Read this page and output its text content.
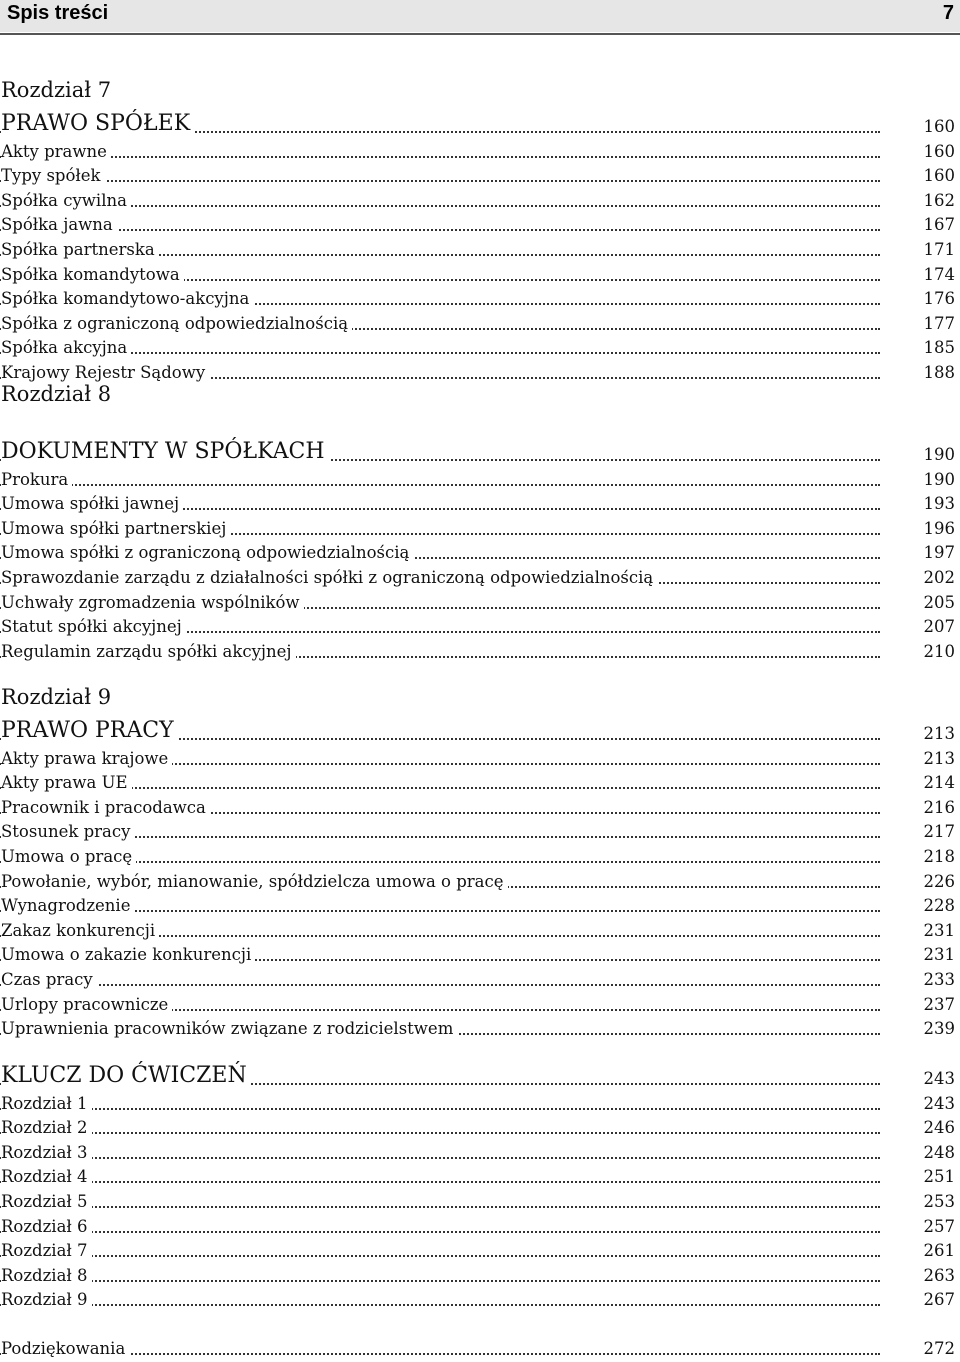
Spis treści	7
Rozdział 7
PRAWO SPÓŁEK	160
Akty prawne	160
Typy spółek	160
Spółka cywilna	162
Spółka jawna	167
Spółka partnerska	171
Spółka komandytowa	174
Spółka komandytowo-akcyjna	176
Spółka z ograniczoną odpowiedzialnością	177
Spółka akcyjna	185
Krajowy Rejestr Sądowy	188
Rozdział 8
DOKUMENTY W SPÓŁKACH	190
Prokura	190
Umowa spółki jawnej	193
Umowa spółki partnerskiej	196
Umowa spółki z ograniczoną odpowiedzialnością	197
Sprawozdanie zarządu z działalności spółki z ograniczoną odpowiedzialnością	202
Uchwały zgromadzenia wspólników	205
Statut spółki akcyjnej	207
Regulamin zarządu spółki akcyjnej	210
Rozdział 9
PRAWO PRACY	213
Akty prawa krajowe	213
Akty prawa UE	214
Pracownik i pracodawca	216
Stosunek pracy	217
Umowa o pracę	218
Powołanie, wybór, mianowanie, spółdzielcza umowa o pracę	226
Wynagrodzenie	228
Zakaz konkurencji	231
Umowa o zakazie konkurencji	231
Czas pracy	233
Urlopy pracownicze	237
Uprawnienia pracowników związane z rodzicielstwem	239
KLUCZ DO ĆWICZEŃ	243
Rozdział 1	243
Rozdział 2	246
Rozdział 3	248
Rozdział 4	251
Rozdział 5	253
Rozdział 6	257
Rozdział 7	261
Rozdział 8	263
Rozdział 9	267
Podziękowania	272
